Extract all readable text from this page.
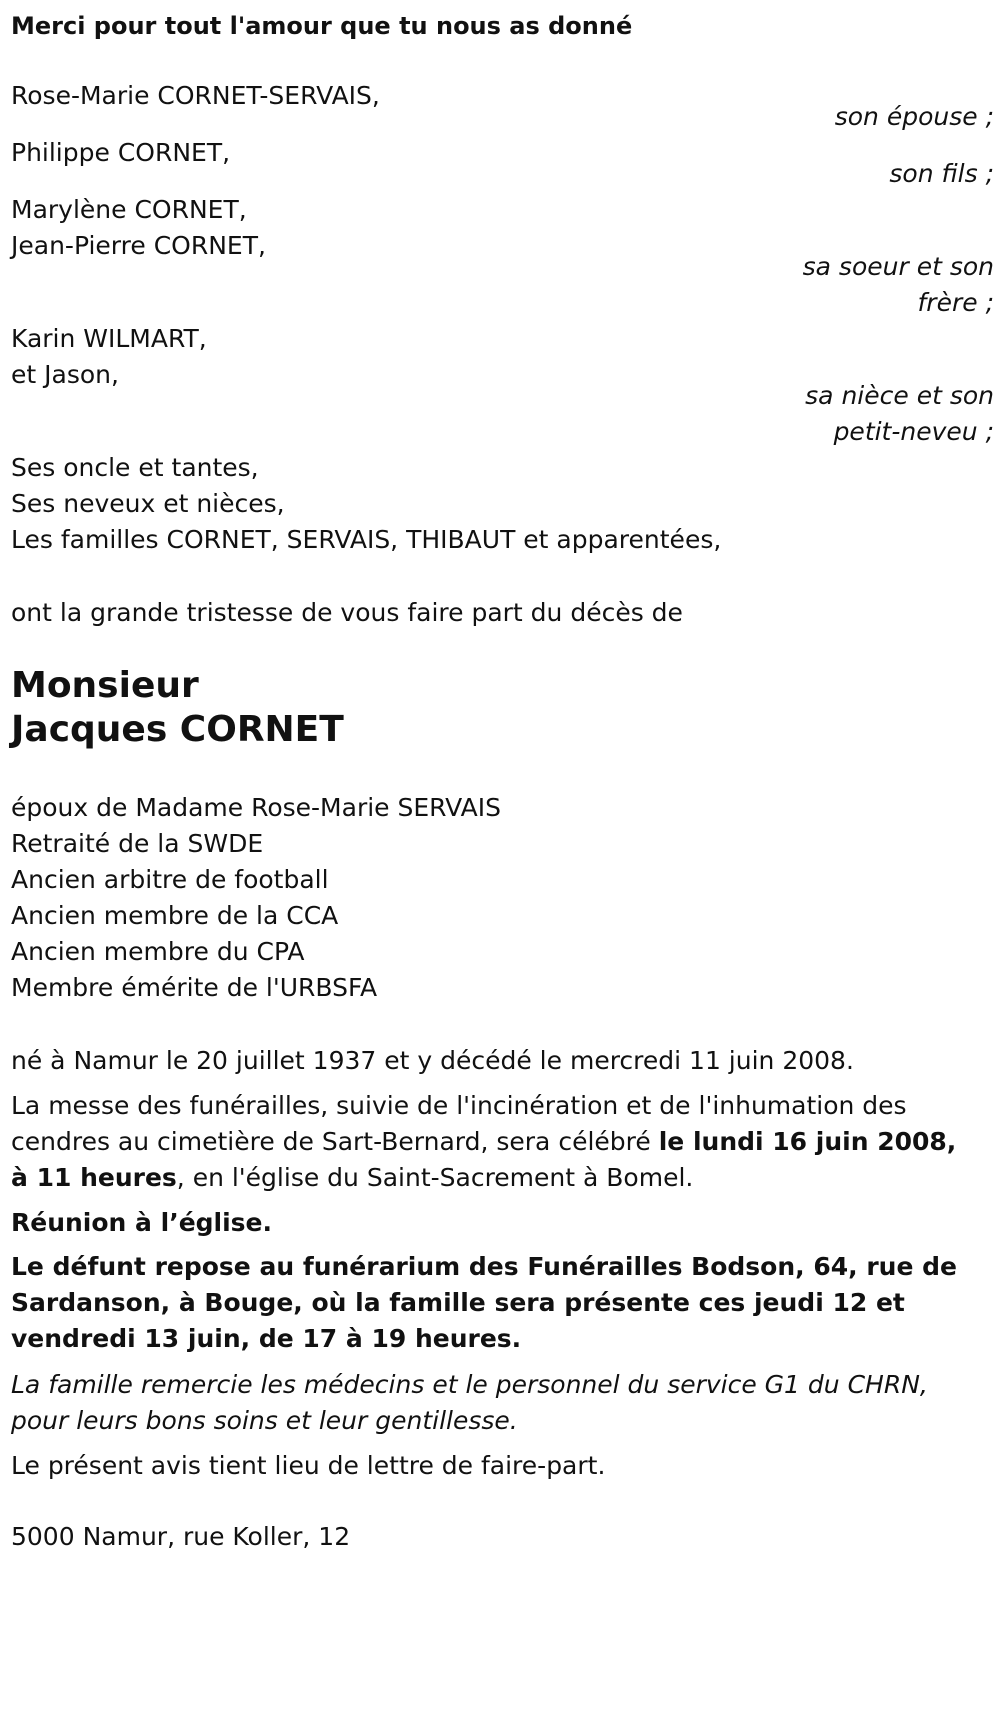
Merci pour tout l'amour que tu nous as donné

Rose-Marie CORNET-SERVAIS,

son épouse ;

Philippe CORNET,

son fils ;

Marylène CORNET,

Jean-Pierre CORNET,

sa soeur et son

frère ;

Karin WILMART,

et Jason,

sa nièce et son

petit-neveu ;

Ses oncle et tantes,

Ses neveux et nièces,

Les familles CORNET, SERVAIS, THIBAUT et apparentées,

ont la grande tristesse de vous faire part du décès de

Monsieur

Jacques CORNET

époux de Madame Rose-Marie SERVAIS

Retraité de la SWDE

Ancien arbitre de football

Ancien membre de la CCA

Ancien membre du CPA

Membre émérite de l'URBSFA

né à Namur le 20 juillet 1937 et y décédé le mercredi 11 juin 2008.

La messe des funérailles, suivie de l'incinération et de l'inhumation des

cendres au cimetière de Sart-Bernard, sera célébré le lundi 16 juin 2008,

à 11 heures, en l'église du Saint-Sacrement à Bomel.

Réunion à l’église.

Le défunt repose au funérarium des Funérailles Bodson, 64, rue de

Sardanson, à Bouge, où la famille sera présente ces jeudi 12 et

vendredi 13 juin, de 17 à 19 heures.

La famille remercie les médecins et le personnel du service G1 du CHRN,

pour leurs bons soins et leur gentillesse.

Le présent avis tient lieu de lettre de faire-part.

5000 Namur, rue Koller, 12
